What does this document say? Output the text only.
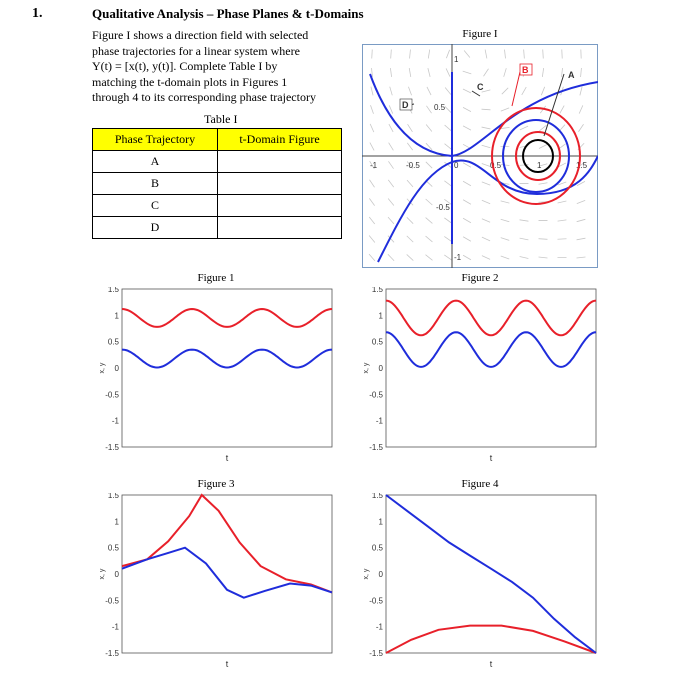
1.	Qualitative Analysis – Phase Planes & t-Domains
Figure I shows a direction field with selected
phase trajectories for a linear system where
Y(t) = [x(t), y(t)]. Complete Table I by
matching the t-domain plots in Figures 1
through 4 to its corresponding phase trajectory
Table I
Phase Trajectory	t-Domain Figure
A	
B	
C	
D	
Figure I
-1	-0.5	0	0.5	1	1.5
1
0.5
-0.5
-1
D
C
B	A
Figure 1
1.5
1
0.5
0
-0.5
-1
-1.5
x, y
t
Figure 2
1.5
1
0.5
0
-0.5
-1
-1.5
x, y
t
Figure 3
1.5
1
0.5
0
-0.5
-1
-1.5
x, y
t
Figure 4
1.5
1
0.5
0
-0.5
-1
-1.5
x, y
t
